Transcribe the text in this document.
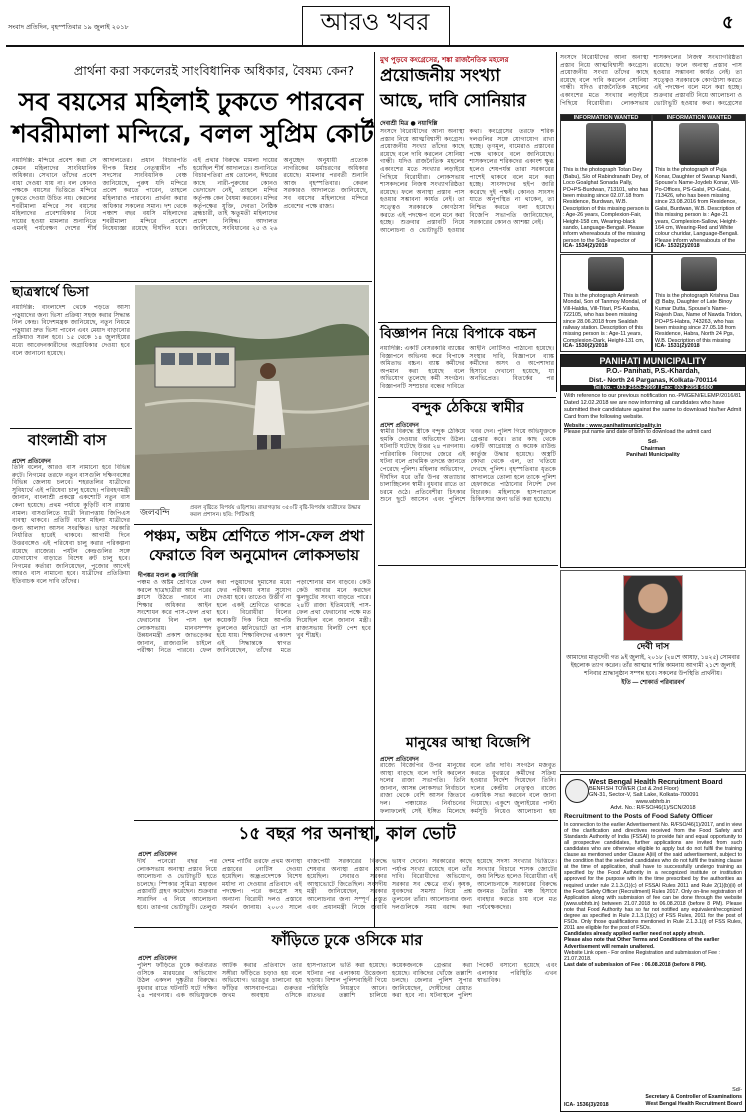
সংবাদ প্রতিদিন, বৃহস্পতিবার ১৯ জুলাই ২০১৮	আরও খবর	৫
প্রার্থনা করা সকলেরই সাংবিধানিক অধিকার, বৈষম্য কেন?
সব বয়সের মহিলাই ঢুকতে পারবেন
শবরীমালা মন্দিরে, বলল সুপ্রিম কোর্ট
নয়াদিল্লি: মন্দিরে প্রবেশ করা সে কেমন মহিলাদের সাংবিধানিক অধিকার। সেখানে তাঁদের প্রবেশ বাধা দেওয়া যায় না। বল কোনও পক্ষকে বয়সের ভিত্তিতে মন্দিরে ঢুকতে দেওয়া উচিত নয়। কেরলের শবরীমালা মন্দিরে সব বয়সের মহিলাদের প্রবেশাধিকার নিয়ে দায়ের হওয়া মামলার শুনানিতে এমনই পর্যবেক্ষণ দেশের শীর্ষ আদালতের। প্রধান বিচারপতি দীপক মিশ্রর নেতৃত্বাধীন পাঁচ সদস্যের সাংবিধানিক বেঞ্চ জানিয়েছে, পুরুষ যদি মন্দিরে প্রবেশ করতে পারেন, তাহলে মহিলারাও পারবেন। প্রার্থনা করার অধিকার সকলের সমান। দশ থেকে পঞ্চাশ বছর বয়সি মহিলাদের শবরীমালা মন্দিরে প্রবেশে নিষেধাজ্ঞা রয়েছে দীর্ঘদিন ধরে। এই প্রথার বিরুদ্ধে মামলা দায়ের হয়েছিল শীর্ষ আদালতে। শুনানিতে বিচারপতিরা প্রশ্ন তোলেন, ঈশ্বরের কাছে নারী-পুরুষের কোনও ভেদাভেদ নেই, তাহলে মন্দির কর্তৃপক্ষ কেন বৈষম্য করবেন। মন্দির কর্তৃপক্ষের যুক্তি, দেবতা নৈষ্ঠিক ব্রহ্মচারী, তাই ঋতুমতী মহিলাদের প্রবেশ নিষিদ্ধ। আদালত জানিয়েছে, সংবিধানের ২৫ ও ২৬ অনুচ্ছেদ অনুযায়ী প্রত্যেক নাগরিকের ধর্মাচরণের অধিকার রয়েছে। মামলার পরবর্তী শুনানি আজ বৃহস্পতিবার। কেরল সরকারও আদালতে জানিয়েছে, সব বয়সের মহিলাদের মন্দিরে প্রবেশের পক্ষে রাজ্য।
ছাত্রস্বার্থে ভিসা
নয়াদিল্লি: বাংলাদেশ থেকে পড়তে আসা পড়ুয়াদের জন্য ভিসা প্রক্রিয়া সহজ করার সিদ্ধান্ত নিল কেন্দ্র। বিদেশমন্ত্রক জানিয়েছে, নতুন নিয়মে পড়ুয়ারা দ্রুত ভিসা পাবেন এবং মেয়াদ বাড়ানোর প্রক্রিয়াও সরল হবে। ১৫ থেকে ১৪ জুলাইয়ের মধ্যে আবেদনকারীদের অগ্রাধিকার দেওয়া হবে বলে জানানো হয়েছে।
বাংলাশ্রী বাস
প্রদেশ প্রতিবেদন
তিনি বলেন, আরও বাস নামানো হবে বিভিন্ন রুটে। নিগমের তরফে নতুন বাসগুলি দক্ষিণবঙ্গের বিভিন্ন জেলায় চলবে। শহরতলির যাত্রীদের সুবিধার্থে এই পরিষেবা চালু হয়েছে। পরিবহণমন্ত্রী জানান, বাংলাশ্রী প্রকল্পে একশোটি নতুন বাস কেনা হয়েছে। প্রথম পর্যায়ে কুড়িটি বাস রাস্তায় নামল। বাসগুলিতে যাত্রী নিরাপত্তায় জিপিএস ব্যবস্থা থাকবে। প্রতিটি বাসে মহিলা যাত্রীদের জন্য আলাদা আসন সংরক্ষিত। ভাড়া সরকারি নির্ধারিত হারেই থাকবে। আগামী দিনে উত্তরবঙ্গেও এই পরিষেবা চালু করার পরিকল্পনা রয়েছে রাজ্যের। পর্যটন কেন্দ্রগুলির সঙ্গে যোগাযোগ বাড়াতে বিশেষ রুট চালু হবে। নিগমের কর্তারা জানিয়েছেন, পুজোর আগেই আরও বাস নামানো হবে। যাত্রীদের প্রতিক্রিয়া ইতিবাচক বলে দাবি তাঁদের।
জলবন্দি	প্রবল বৃষ্টিতে বিপর্যয় ওড়িশায়। রায়াগড়ায় ৩৫০টি বৃষ্টি-বিপর্যস্ত যাত্রীদের উদ্ধার করল প্রশাসন। ছবি: পিটিআই
পঞ্চম, অষ্টম শ্রেণিতে পাস-ফেল প্রথা
ফেরাতে বিল অনুমোদন লোকসভায়
দীপঙ্কর মণ্ডল ● নয়াদিল্লি
পঞ্চম ও অষ্টম শ্রেণিতে ফেল করলে ছাত্রছাত্রীরা আর পরের ক্লাসে উঠতে পারবে না। শিক্ষার অধিকার আইন সংশোধন করে পাস-ফেল প্রথা ফেরানোর বিল পাস হল লোকসভায়। মানবসম্পদ উন্নয়নমন্ত্রী প্রকাশ জাভড়েকর জানান, রাজ্যগুলি চাইলে পরীক্ষা নিতে পারবে। ফেল করা পড়ুয়াদের দুমাসের মধ্যে ফের পরীক্ষায় বসার সুযোগ দেওয়া হবে। তাতেও উত্তীর্ণ না হলে একই শ্রেণিতে থাকতে হবে। বিরোধীরা বিলের কয়েকটি দিক নিয়ে আপত্তি তুললেও ধ্বনিভোটে তা পাস হয়ে যায়। শিক্ষাবিদদের একাংশ এই সিদ্ধান্তকে স্বাগত জানিয়েছেন, তাঁদের মতে পড়াশোনার মান বাড়বে। কেউ কেউ আবার মনে করছেন স্কুলছুটের সংখ্যা বাড়তে পারে। ২৪টি রাজ্য ইতিমধ্যেই পাস-ফেল প্রথা ফেরানোর পক্ষে মত দিয়েছিল বলে জানান মন্ত্রী। রাজ্যসভায় বিলটি পেশ হবে খুব শীঘ্রই।
মুখ পুড়বে কংগ্রেসের, শঙ্কা রাজনৈতিক মহলের
প্রয়োজনীয় সংখ্যা
আছে, দাবি সোনিয়ার
দেবাশ্রী মিত্র ● নয়াদিল্লি
সংসদে বিরোধীদের আনা অনাস্থা প্রস্তাব নিয়ে আত্মবিশ্বাসী কংগ্রেস। প্রয়োজনীয় সংখ্যা তাঁদের কাছে রয়েছে বলে দাবি করলেন সোনিয়া গান্ধী। যদিও রাজনৈতিক মহলের একাংশের মতে সংখ্যার লড়াইয়ে পিছিয়ে বিরোধীরা। লোকসভায় শাসকদলের নিজস্ব সংখ্যাগরিষ্ঠতা রয়েছে। ফলে অনাস্থা প্রস্তাব পাস হওয়ার সম্ভাবনা কার্যত নেই। তা সত্ত্বেও সরকারকে কোণঠাসা করতে এই পদক্ষেপ বলে মনে করা হচ্ছে। শুক্রবার প্রস্তাবটি নিয়ে আলোচনা ও ভোটাভুটি হওয়ার কথা। কংগ্রেসের তরফে শরিক দলগুলির সঙ্গে যোগাযোগ রাখা হচ্ছে। তৃণমূল, বামেরাও প্রস্তাবের পক্ষে থাকবে বলে জানিয়েছে। শাসকদলের শরিকদের একাংশ ক্ষুব্ধ হলেও শেষপর্যন্ত তারা সরকারের পাশেই থাকবে বলে মনে করা হচ্ছে। সাংসদদের হুইপ জারি করেছে দুই পক্ষই। কোনও সাংসদ যাতে অনুপস্থিত না থাকেন, তা নিশ্চিত করতে বলা হয়েছে। বিজেপি সভাপতি জানিয়েছেন, সরকারের কোনও আশঙ্কা নেই।
সংসদে বিরোধীদের আনা অনাস্থা প্রস্তাব নিয়ে আত্মবিশ্বাসী কংগ্রেস। প্রয়োজনীয় সংখ্যা তাঁদের কাছে রয়েছে বলে দাবি করলেন সোনিয়া গান্ধী। যদিও রাজনৈতিক মহলের একাংশের মতে সংখ্যার লড়াইয়ে পিছিয়ে বিরোধীরা। লোকসভায় শাসকদলের নিজস্ব সংখ্যাগরিষ্ঠতা রয়েছে। ফলে অনাস্থা প্রস্তাব পাস হওয়ার সম্ভাবনা কার্যত নেই। তা সত্ত্বেও সরকারকে কোণঠাসা করতে এই পদক্ষেপ বলে মনে করা হচ্ছে। শুক্রবার প্রস্তাবটি নিয়ে আলোচনা ও ভোটাভুটি হওয়ার কথা। কংগ্রেসের
INFORMATION WANTED
This is the photograph Totan Dey (Babu), S/o of Rabindranath Dey, of Loco Goalghat Sonada Pally, PO+PS-Burdwan, 713101, who has been missing since 02.07.18 from Residence, Burdwan, W.B. Description of this missing person is : Age-26 years, Complexion-Fair, Height-158 cm, Wearing-black sando, Language-Bengali. Please inform whereabouts of the missing person to the Sub-Inspector of
ICA- 1534(2)/2018
INFORMATION WANTED
This is the photograph of Puja Konar, Daughter of Swarup Nandi, Spouse's Name-Joydeb Konar, Vill-Po-Offices, PS-Galsi, PO-Galsi, 713426, who has been missing since 23.08.2016 from Residence, Galsi, Burdwan, W.B. Description of this missing person is : Age-21 years, Complexion-Sallow, Height-164 cm, Wearing-Red and White colour churidar, Language-Bengali. Please inform whereabouts of the
ICA- 1532(2)/2018
This is the photograph Animesh Mondal, Son of Tanmoy Mondal, of Vill-Haldia, Vill-Titari, PS-Kasba, 722105, who has been missing since 28.06.2018 from Sealdah railway station. Description of this missing person is : Age-11 years, Complexion-Dark, Height-131 cm,
ICA- 1530(2)/2018
This is the photograph Krishna Das @ Baby, Daughter of Late Binoy Kumar Dutta, Spouse's Name-Rajesh Das, Name of Nawda Tridon, PO+PS-Habra, 743263, who has been missing since 27.05.18 from Residence, Habra, North 24 Pgs, W.B. Description of this missing
ICA- 1531(2)/2018
বিজ্ঞাপন নিয়ে বিপাকে বচ্চন
নয়াদিল্লি: একটি বেসরকারি ব্যাঙ্কের বিজ্ঞাপনে অভিনয় করে বিপাকে অমিতাভ বচ্চন। ব্যাঙ্ক কর্মীদের অপমান করা হয়েছে বলে অভিযোগ তুলেছে কর্মী সংগঠন। বিজ্ঞাপনটি সম্প্রচার বন্ধের দাবিতে আইনি নোটিসও পাঠানো হয়েছে। সংস্থার দাবি, বিজ্ঞাপনে ব্যাঙ্ক কর্মীদের অসৎ ও অপেশাদার হিসাবে দেখানো হয়েছে, যা অনভিপ্রেত। বিতর্কের পর
PANIHATI MUNICIPALITY
P.O.- Panihati, P.S.-Khardah,
Dist.- North 24 Parganas, Kolkata-700114
Tel No. - 033 2553-2909 / Fax: 033 2358 6800
With reference to our previous notification no.-PMGEN/ELEMP/2016/81 Dated 12.02.2018 we are now informing all candidates who have submitted their candidature against the same to download his/her Admit Card from the following website.
Website : www.panihatimunicipality.in
Please put name and date of birth to download the admit card
Sd/-
Chairman
Panihati Municipality
বন্দুক ঠেকিয়ে স্বামীর
প্রদেশ প্রতিবেদন
স্বামীর বিরুদ্ধে স্ত্রীকে বন্দুক ঠেকিয়ে হুমকি দেওয়ার অভিযোগ উঠল। ঘটনাটি ঘটেছে উত্তর ২৪ পরগনায়। পারিবারিক বিবাদের জেরে এই ঘটনা বলে প্রাথমিক তদন্তে জানতে পেরেছে পুলিশ। মহিলার অভিযোগ, দীর্ঘদিন ধরে তাঁর উপর অত্যাচার চালাচ্ছিলেন স্বামী। বুধবার রাতে তা চরমে ওঠে। প্রতিবেশীরা চিৎকার শুনে ছুটে আসেন এবং পুলিশে খবর দেন। পুলিশ গিয়ে অভিযুক্তকে গ্রেপ্তার করে। তার কাছ থেকে একটি আগ্নেয়াস্ত্র ও কয়েক রাউন্ড কার্তুজ উদ্ধার হয়েছে। অস্ত্রটি কোথা থেকে এল, তা খতিয়ে দেখছে পুলিশ। বৃহস্পতিবার ধৃতকে আদালতে তোলা হলে তাকে পুলিশ হেফাজতে পাঠানোর নির্দেশ দেন বিচারক। মহিলাকে হাসপাতালে চিকিৎসার জন্য ভর্তি করা হয়েছে।
দেবী দাস
আমাদের মাতৃদেবী গত ৯ই জুলাই, ২০১৮ (২৪শে আষাঢ়, ১৪২৫) সোমবার ইহলোক ত্যাগ করেন। তাঁর আত্মার শান্তি কামনায় আগামী ২১শে জুলাই শনিবার শ্রাদ্ধানুষ্ঠান সম্পন্ন হবে। সকলের উপস্থিতি প্রার্থনীয়।
ইতি — শোকার্ত পরিবারবর্গ
মানুষের আস্থা বিজেপি
প্রদেশ প্রতিবেদন
রাজ্যে বিজেপির উপর মানুষের আস্থা বাড়ছে বলে দাবি করলেন দলের রাজ্য সভাপতি। তিনি জানান, আসন্ন লোকসভা নির্বাচনে রাজ্য থেকে বেশি আসন জিতবে দল। পঞ্চায়েত নির্বাচনের ফলাফলেই সেই ইঙ্গিত মিলেছে বলে তাঁর দাবি। সংগঠন মজবুত করতে বুথস্তরে কর্মীদের সক্রিয় হওয়ার নির্দেশ দিয়েছেন তিনি। দলের কেন্দ্রীয় নেতৃত্বও রাজ্যে একাধিক সভা করবেন বলে জানা গিয়েছে। একুশে জুলাইয়ের পাল্টা কর্মসূচি নিয়েও আলোচনা হয়
১৫ বছর পর অনাস্থা, কাল ভোট
প্রদেশ প্রতিবেদন
দীর্ঘ পনেরো বছর পর লোকসভায় অনাস্থা প্রস্তাব নিয়ে আলোচনা ও ভোটাভুটি হতে চলেছে। স্পিকার সুমিত্রা মহাজন প্রস্তাবটি গ্রহণ করেছেন। শুক্রবার সারাদিন এ নিয়ে আলোচনা হবে। তারপর ভোটাভুটি। তেলুগু দেশম পার্টির তরফে প্রথম অনাস্থা প্রস্তাবের নোটিস দেওয়া হয়েছিল। অন্ধ্রপ্রদেশকে বিশেষ মর্যাদা না দেওয়ার প্রতিবাদে এই পদক্ষেপ। পরে কংগ্রেস সহ অন্যান্য বিরোধী দলও প্রস্তাবে সমর্থন জানায়। ২০০৩ সালে বাজপেয়ী সরকারের বিরুদ্ধে শেষবার অনাস্থা প্রস্তাব আনা হয়েছিল। সেবারও সরকার আস্থাভোটে জিতেছিল। সংসদীয় মন্ত্রী জানিয়েছেন, সরকার আলোচনার জন্য সম্পূর্ণ প্রস্তুত এবং প্রধানমন্ত্রী নিজে জবাবি ভাষণ দেবেন। সরকারের কাছে পর্যাপ্ত সংখ্যা রয়েছে বলে তাঁর দাবি। বিরোধীদের অভিযোগ, সরকার সব ক্ষেত্রে ব্যর্থ। কৃষক, যুবকদের সমস্যা নিয়ে প্রশ্ন তুলবেন তাঁরা। আলোচনার জন্য দলগুলিকে সময় বরাদ্দ করা হয়েছে সদস্য সংখ্যার ভিত্তিতে। সংখ্যার বিচারে শাসক জোটের জয় নিশ্চিত হলেও বিরোধীরা এই আলোচনাকে সরকারের বিরুদ্ধে জনমত তৈরির মঞ্চ হিসাবে ব্যবহার করতে চায় বলে মত পর্যবেক্ষকদের।
ফাঁড়িতে ঢুকে ওসিকে মার
প্রদেশ প্রতিবেদন
পুলিশ ফাঁড়িতে ঢুকে কর্তব্যরত ওসিকে মারধরের অভিযোগ উঠল একদল দুষ্কৃতীর বিরুদ্ধে। বুধবার রাতে ঘটনাটি ঘটে দক্ষিণ ২৪ পরগনায়। এক অভিযুক্তকে আটক করার প্রতিবাদে তার সঙ্গীরা ফাঁড়িতে চড়াও হয় বলে অভিযোগ। ভাঙচুর চালানো হয় ফাঁড়ির আসবাবপত্রে। গুরুতর জখম অবস্থায় ওসিকে হাসপাতালে ভর্তি করা হয়েছে। ঘটনার পর এলাকায় উত্তেজনা ছড়ায়। বিশাল পুলিশবাহিনী গিয়ে পরিস্থিতি নিয়ন্ত্রণে আনে। রাতভর তল্লাশি চালিয়ে কয়েকজনকে গ্রেপ্তার করা হয়েছে। বাকিদের খোঁজে তল্লাশি চলছে। জেলার পুলিশ সুপার জানিয়েছেন, দোষীদের রেয়াত করা হবে না। ঘটনাস্থলে পুলিশ পিকেট বসানো হয়েছে এবং এলাকার পরিস্থিতি এখন স্বাভাবিক।
West Bengal Health Recruitment Board
BENFISH TOWER (1st & 2nd Floor)
GN-31, Sector-V, Salt Lake, Kolkata-700091
www.wbhrb.in
Advt. No.: R/FSO/46(1)/SCN/2018
Recruitment to the Posts of Food Safety Officer
In connection to the earlier Advertisement No. R/FSO/46(1)/2017, and in view of the clarification and directives received from the Food Safety and Standards Authority of India (FSSAI) to provide fair and equal opportunity to all prospective candidates, further applications are invited from such candidates who are otherwise eligible to apply but do not fulfil the training clause as mentioned under Clause A(iii) of the said advertisement, subject to the condition that the selected candidates who do not fulfil the training clause at the time of application, shall have to successfully undergo training as specified by the Food Authority in a recognized institute or institution approved for the purpose with in the time prescribed by the authorities as required under rule 2.1.3.(1)(c) of FSSAI Rules 2011 and Rule 2(1)(b)(ii) of the Food Safety Officer (Recruitment) Rules 2017. Only on-line registration of Application along with submission of fee can be done through the website (www.wbhrb.in) between 21.07.2018 to 06.08.2018 (before 8 PM). Please note that Food Authority has so far not notified any equivalent/recognized degree as specified in Rule 2.1.3.(1)(c) of FSS Rules, 2011 for the post of FSOs. Only those qualifications mentioned in Rule 2.1.3.1(i) of FSS Rules, 2011 are eligible for the post of FSOs.
Candidates already applied earlier need not apply afresh.
Please also note that Other Terms and Conditions of the earlier Advertisement will remain unaltered.
Website Link open - For online Registration and submission of Fee : 21.07.2018.
Last date of submission of Fee : 06.08.2018 (before 8 PM).
ICA- 1536(3)/2018
Sd/-
Secretary & Controller of Examinations
West Bengal Health Recruitment Board
